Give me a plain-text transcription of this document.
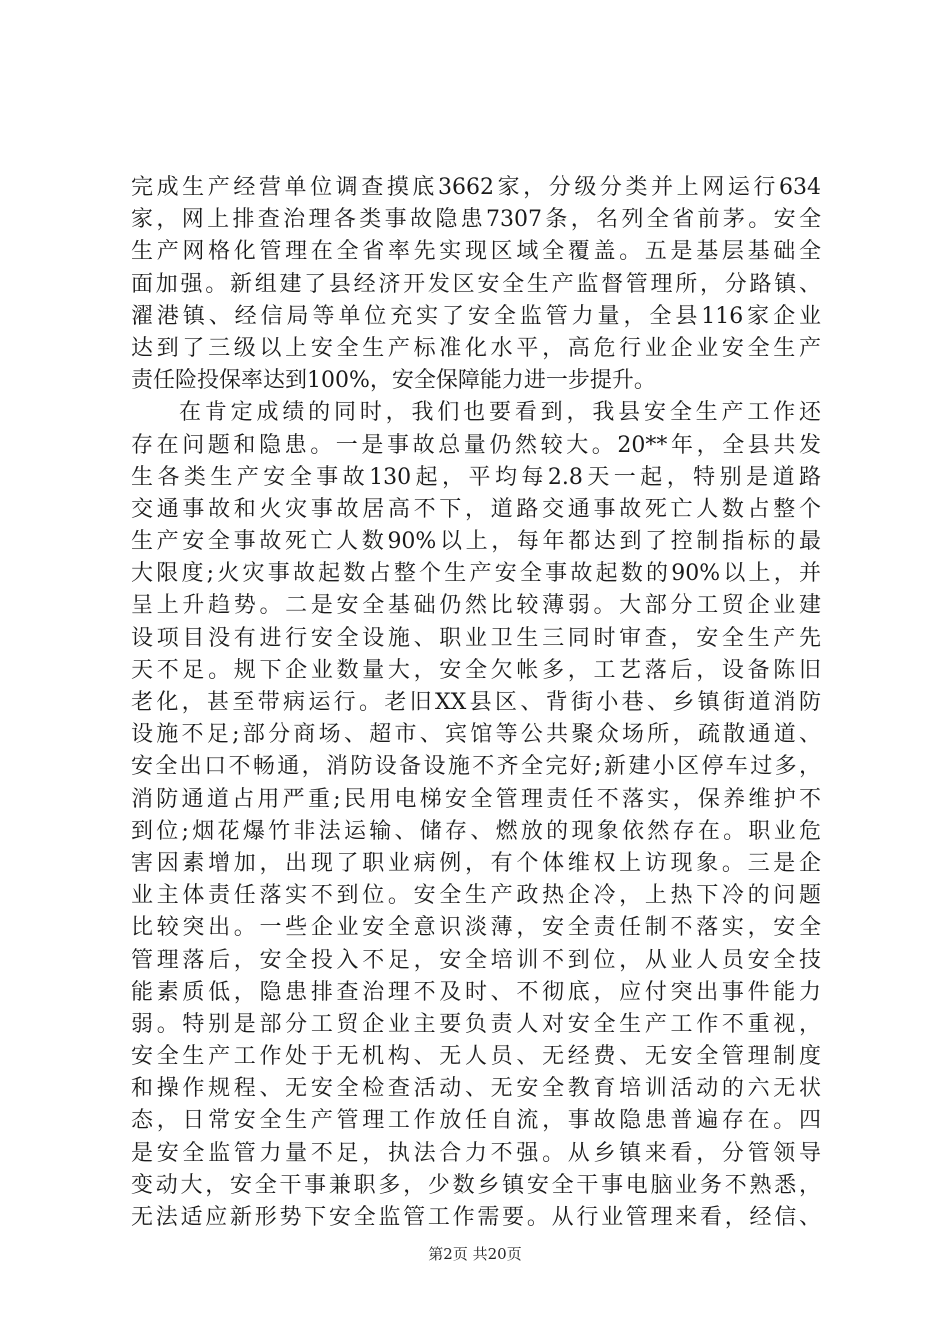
完成生产经营单位调查摸底3662家，分级分类并上网运行634
家，网上排查治理各类事故隐患7307条，名列全省前茅。安全
生产网格化管理在全省率先实现区域全覆盖。五是基层基础全
面加强。新组建了县经济开发区安全生产监督管理所，分路镇、
濯港镇、经信局等单位充实了安全监管力量，全县116家企业
达到了三级以上安全生产标准化水平，高危行业企业安全生产
责任险投保率达到100%，安全保障能力进一步提升。
在肯定成绩的同时，我们也要看到，我县安全生产工作还
存在问题和隐患。一是事故总量仍然较大。20**年，全县共发
生各类生产安全事故130起，平均每2.8天一起，特别是道路
交通事故和火灾事故居高不下，道路交通事故死亡人数占整个
生产安全事故死亡人数90%以上，每年都达到了控制指标的最
大限度;火灾事故起数占整个生产安全事故起数的90%以上，并
呈上升趋势。二是安全基础仍然比较薄弱。大部分工贸企业建
设项目没有进行安全设施、职业卫生三同时审查，安全生产先
天不足。规下企业数量大，安全欠帐多，工艺落后，设备陈旧
老化，甚至带病运行。老旧XX县区、背街小巷、乡镇街道消防
设施不足;部分商场、超市、宾馆等公共聚众场所，疏散通道、
安全出口不畅通，消防设备设施不齐全完好;新建小区停车过多，
消防通道占用严重;民用电梯安全管理责任不落实，保养维护不
到位;烟花爆竹非法运输、储存、燃放的现象依然存在。职业危
害因素增加，出现了职业病例，有个体维权上访现象。三是企
业主体责任落实不到位。安全生产政热企冷，上热下冷的问题
比较突出。一些企业安全意识淡薄，安全责任制不落实，安全
管理落后，安全投入不足，安全培训不到位，从业人员安全技
能素质低，隐患排查治理不及时、不彻底，应付突出事件能力
弱。特别是部分工贸企业主要负责人对安全生产工作不重视，
安全生产工作处于无机构、无人员、无经费、无安全管理制度
和操作规程、无安全检查活动、无安全教育培训活动的六无状
态，日常安全生产管理工作放任自流，事故隐患普遍存在。四
是安全监管力量不足，执法合力不强。从乡镇来看，分管领导
变动大，安全干事兼职多，少数乡镇安全干事电脑业务不熟悉，
无法适应新形势下安全监管工作需要。从行业管理来看，经信、
第2页 共20页
